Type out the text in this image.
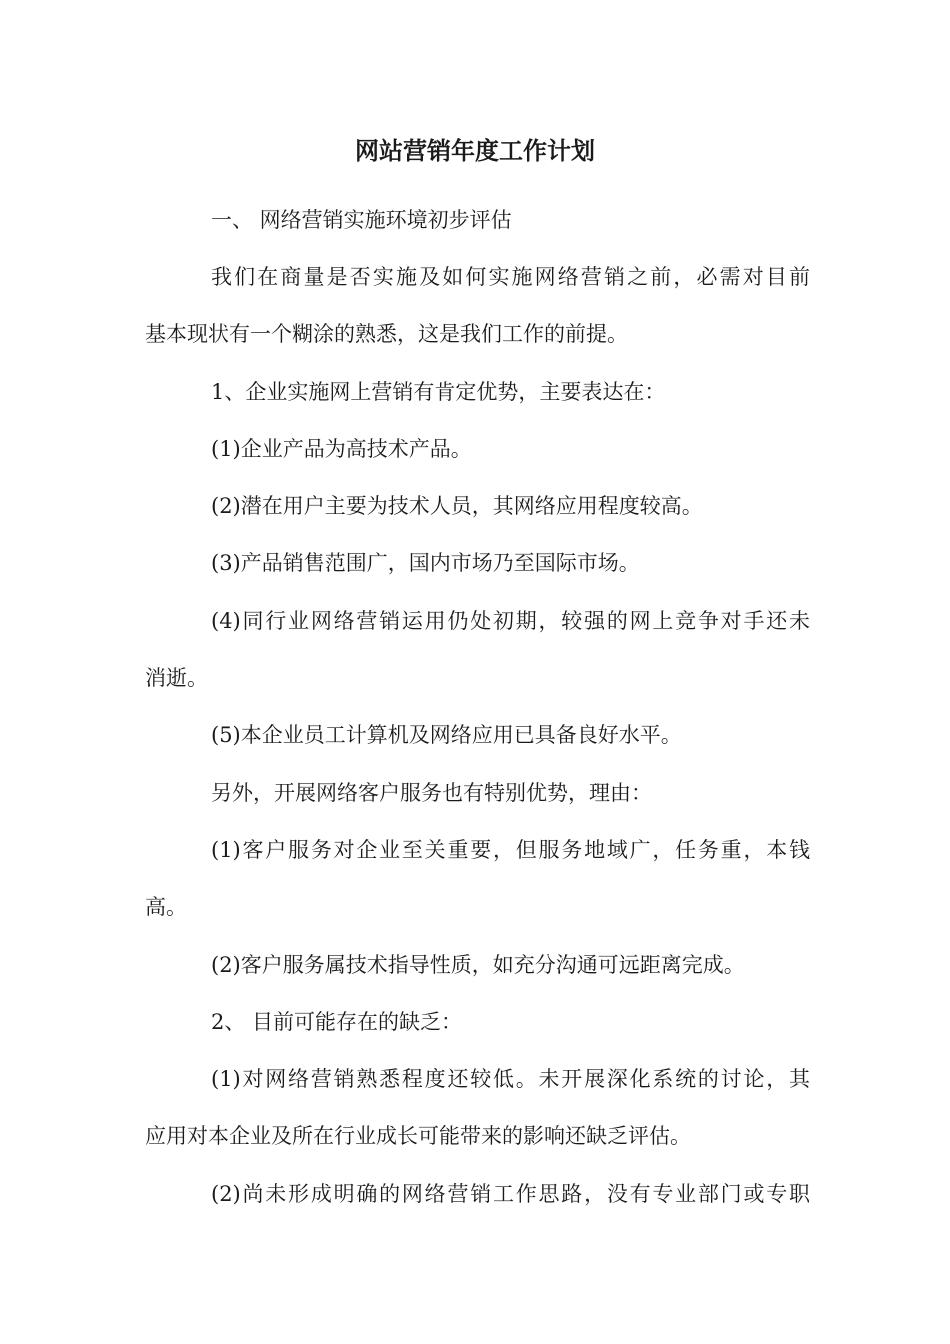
网站营销年度工作计划
一、 网络营销实施环境初步评估
我们在商量是否实施及如何实施网络营销之前，必需对目前
基本现状有一个糊涂的熟悉，这是我们工作的前提。
1、企业实施网上营销有肯定优势，主要表达在：
(1)企业产品为高技术产品。
(2)潜在用户主要为技术人员，其网络应用程度较高。
(3)产品销售范围广，国内市场乃至国际市场。
(4)同行业网络营销运用仍处初期，较强的网上竞争对手还未
消逝。
(5)本企业员工计算机及网络应用已具备良好水平。
另外，开展网络客户服务也有特别优势，理由：
(1)客户服务对企业至关重要，但服务地域广，任务重，本钱
高。
(2)客户服务属技术指导性质，如充分沟通可远距离完成。
2、 目前可能存在的缺乏：
(1)对网络营销熟悉程度还较低。未开展深化系统的讨论，其
应用对本企业及所在行业成长可能带来的影响还缺乏评估。
(2)尚未形成明确的网络营销工作思路，没有专业部门或专职
